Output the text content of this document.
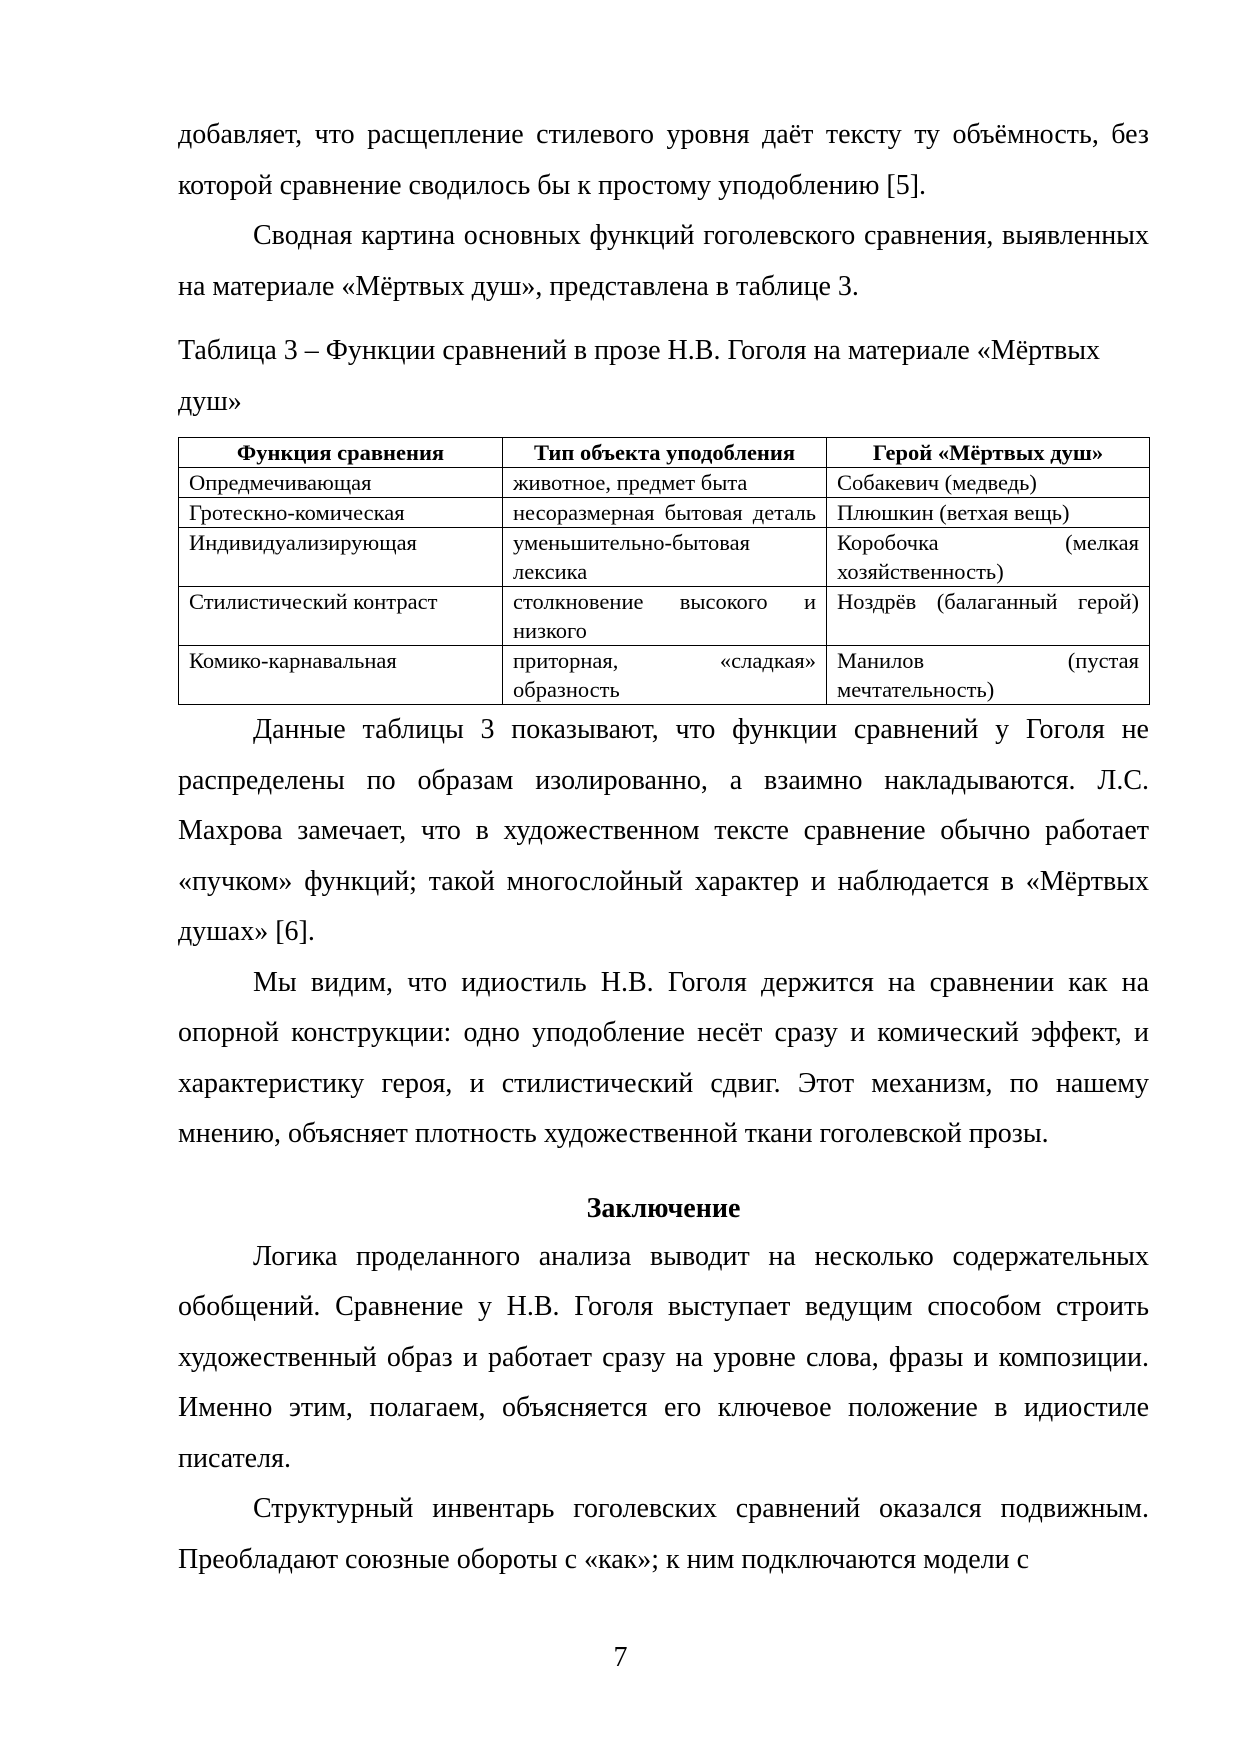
добавляет, что расщепление стилевого уровня даёт тексту ту объёмность, без которой сравнение сводилось бы к простому уподоблению [5].

Сводная картина основных функций гоголевского сравнения, выявленных на материале «Мёртвых душ», представлена в таблице 3.

Таблица 3 – Функции сравнений в прозе Н.В. Гоголя на материале «Мёртвых душ»

Функция сравнения	Тип объекта уподобления	Герой «Мёртвых душ»
Опредмечивающая	животное, предмет быта	Собакевич (медведь)
Гротескно-комическая	несоразмерная бытовая деталь	Плюшкин (ветхая вещь)
Индивидуализирующая	уменьшительно-бытовая лексика	Коробочка (мелкая хозяйственность)
Стилистический контраст	столкновение высокого и низкого	Ноздрёв (балаганный герой)
Комико-карнавальная	приторная, «сладкая» образность	Манилов (пустая мечтательность)

Данные таблицы 3 показывают, что функции сравнений у Гоголя не распределены по образам изолированно, а взаимно накладываются. Л.С. Махрова замечает, что в художественном тексте сравнение обычно работает «пучком» функций; такой многослойный характер и наблюдается в «Мёртвых душах» [6].

Мы видим, что идиостиль Н.В. Гоголя держится на сравнении как на опорной конструкции: одно уподобление несёт сразу и комический эффект, и характеристику героя, и стилистический сдвиг. Этот механизм, по нашему мнению, объясняет плотность художественной ткани гоголевской прозы.

Заключение

Логика проделанного анализа выводит на несколько содержательных обобщений. Сравнение у Н.В. Гоголя выступает ведущим способом строить художественный образ и работает сразу на уровне слова, фразы и композиции. Именно этим, полагаем, объясняется его ключевое положение в идиостиле писателя.

Структурный инвентарь гоголевских сравнений оказался подвижным. Преобладают союзные обороты с «как»; к ним подключаются модели с

7
